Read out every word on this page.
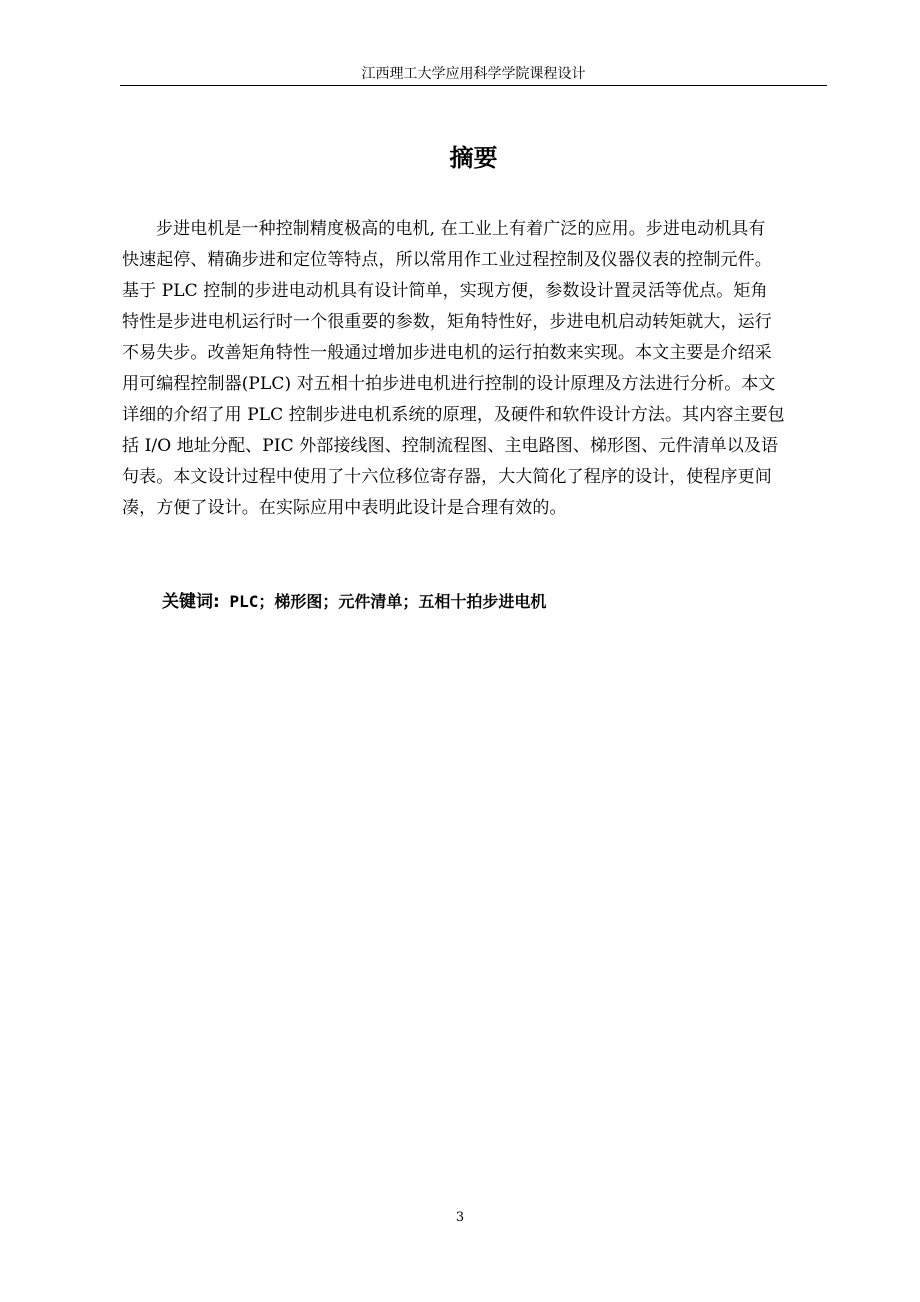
江西理工大学应用科学学院课程设计
摘要
步进电机是一种控制精度极高的电机, 在工业上有着广泛的应用。步进电动机具有
快速起停、精确步进和定位等特点，所以常用作工业过程控制及仪器仪表的控制元件。
基于 PLC 控制的步进电动机具有设计简单，实现方便，参数设计置灵活等优点。矩角
特性是步进电机运行时一个很重要的参数，矩角特性好，步进电机启动转矩就大，运行
不易失步。改善矩角特性一般通过增加步进电机的运行拍数来实现。本文主要是介绍采
用可编程控制器(PLC) 对五相十拍步进电机进行控制的设计原理及方法进行分析。本文
详细的介绍了用 PLC 控制步进电机系统的原理，及硬件和软件设计方法。其内容主要包
括 I/O 地址分配、PIC 外部接线图、控制流程图、主电路图、梯形图、元件清单以及语
句表。本文设计过程中使用了十六位移位寄存器，大大简化了程序的设计，使程序更间
凑，方便了设计。在实际应用中表明此设计是合理有效的。
关键词: PLC；梯形图；元件清单；五相十拍步进电机
3
